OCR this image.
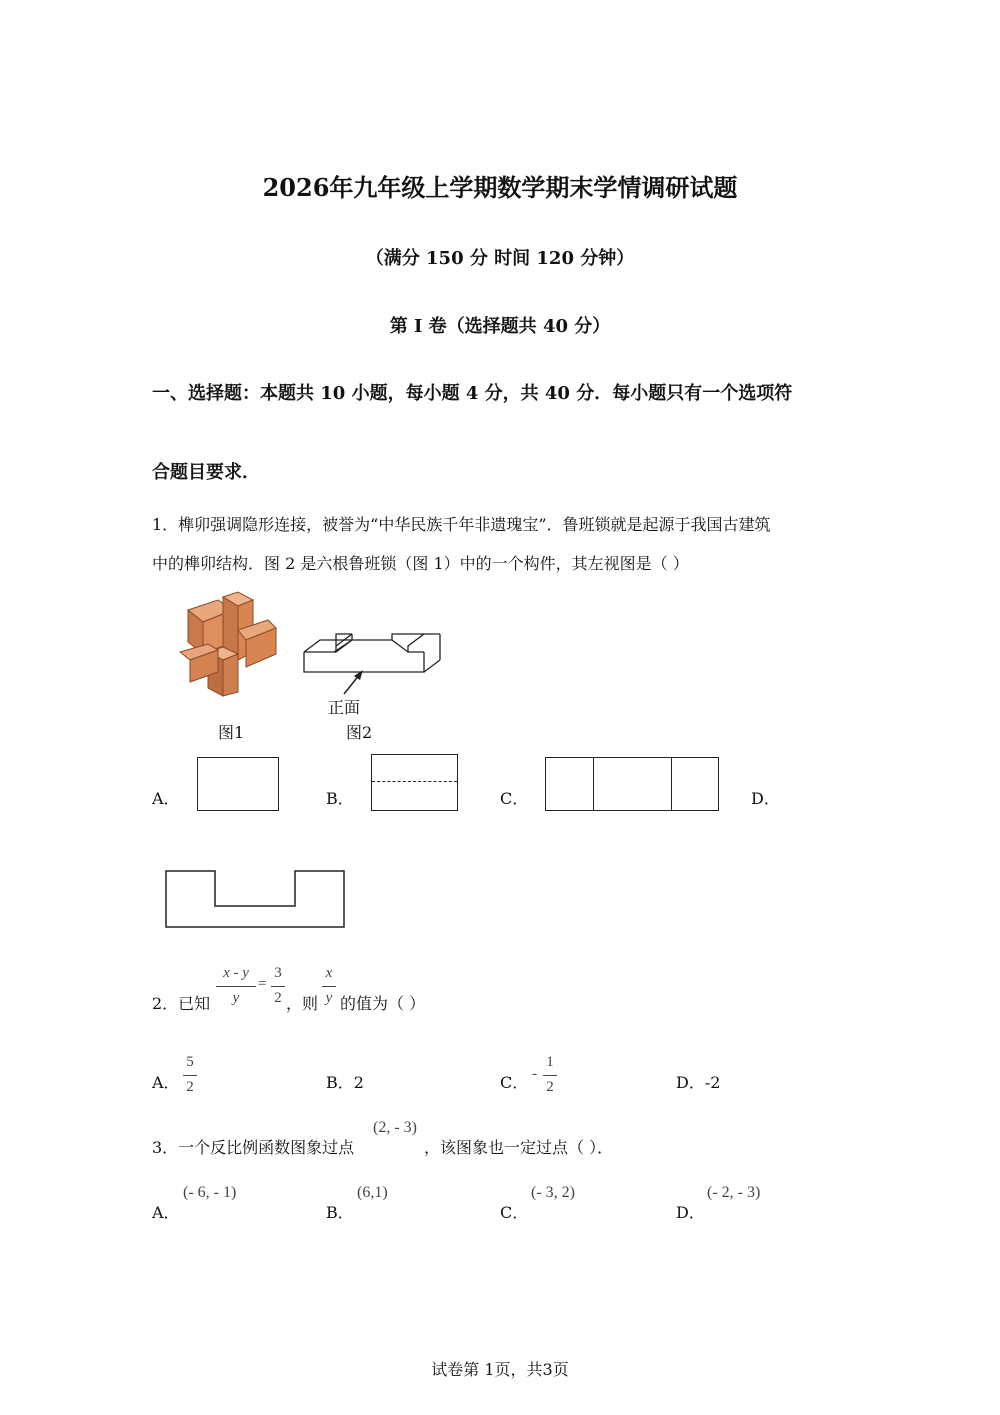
2026年九年级上学期数学期末学情调研试题
（满分 150 分 时间 120 分钟）
第 I 卷（选择题共 40 分）
一、选择题：本题共 10 小题，每小题 4 分，共 40 分．每小题只有一个选项符
合题目要求．
1．榫卯强调隐形连接，被誉为“中华民族千年非遗瑰宝”．鲁班锁就是起源于我国古建筑
中的榫卯结构．图 2 是六根鲁班锁（图 1）中的一个构件，其左视图是（ ）
图1
正面
图2
A．	B．	C．	D．
2．已知
x - y
y
=
3
2 ，则
x
y 的值为（ ）
A．
5
2	B．2	C． -
1
2	D．-2
3．一个反比例函数图象过点
(2, - 3)
，该图象也一定过点（ ）．
A．
(- 6, - 1)
B．
(6,1)
C．
(- 3, 2)
D．
(- 2, - 3)
试卷第 1页，共3页
